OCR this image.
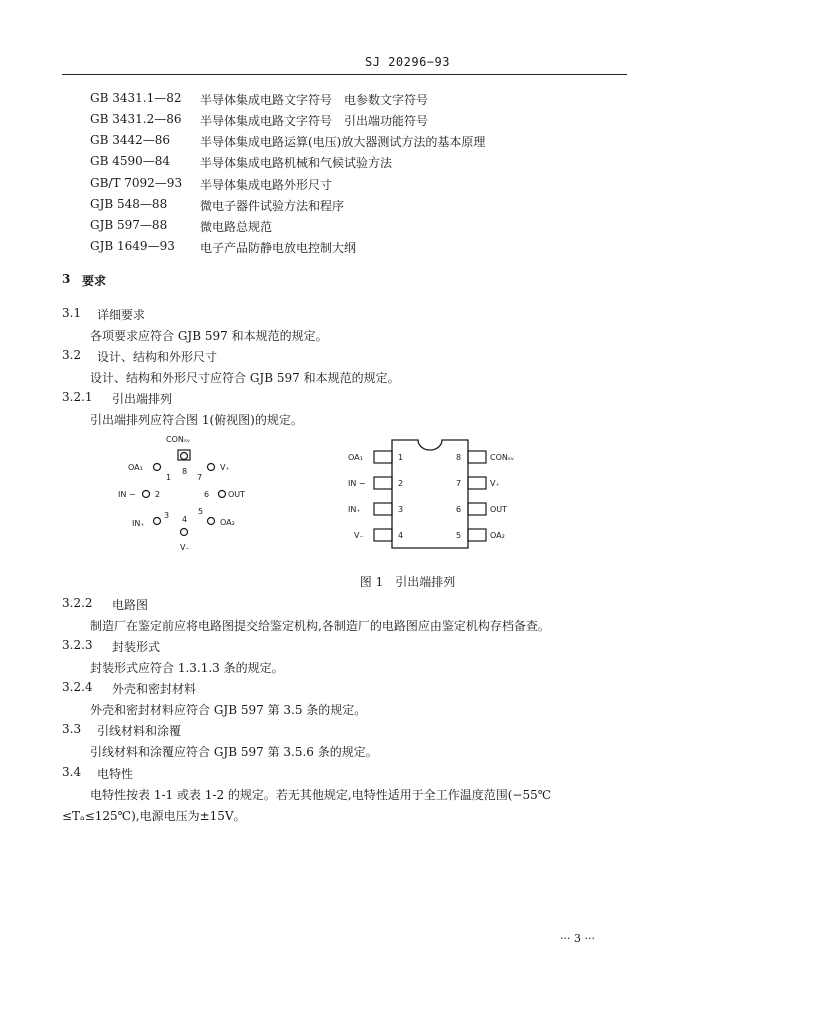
SJ 20296−93
GB 3431.1—82 半导体集成电路文字符号　电参数文字符号
GB 3431.2—86 半导体集成电路文字符号　引出端功能符号
GB 3442—86 半导体集成电路运算(电压)放大器测试方法的基本原理
GB 4590—84 半导体集成电路机械和气候试验方法
GB/T 7092—93 半导体集成电路外形尺寸
GJB 548—88	微电子器件试验方法和程序
GJB 597—88	微电路总规范
GJB 1649—93 电子产品防静电放电控制大纲
3 要求
3.1 详细要求
各项要求应符合 GJB 597 和本规范的规定。
3.2 设计、结构和外形尺寸
设计、结构和外形尺寸应符合 GJB 597 和本规范的规定。
3.2.1 引出端排列
引出端排列应符合图 1(俯视图)的规定。
8
7
6
5
4
3
2
1
CONₛᵥ
V₊
OUT
OA₂
V₋
IN₊
IN −
OA₁
1
2
3
4
8
7
6
5
OA₁
IN −
IN₊
V₋
CONₛᵥ
V₊
OUT
OA₂
图 1　引出端排列
3.2.2 电路图
制造厂在鉴定前应将电路图提交给鉴定机构,各制造厂的电路图应由鉴定机构存档备查。
3.2.3 封装形式
封装形式应符合 1.3.1.3 条的规定。
3.2.4 外壳和密封材料
外壳和密封材料应符合 GJB 597 第 3.5 条的规定。
3.3 引线材料和涂覆
引线材料和涂覆应符合 GJB 597 第 3.5.6 条的规定。
3.4 电特性
电特性按表 1-1 或表 1-2 的规定。若无其他规定,电特性适用于全工作温度范围(−55℃
≤Tₐ≤125℃),电源电压为±15V。
··· 3 ···
